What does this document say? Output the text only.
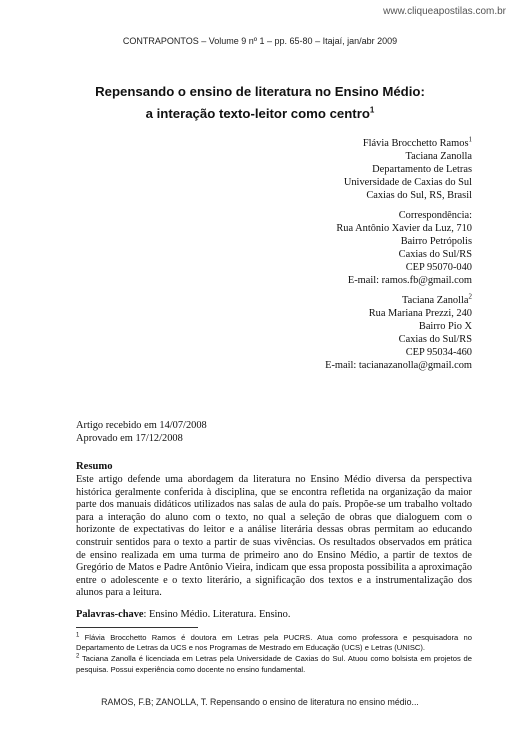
www.cliqueapostilas.com.br
CONTRAPONTOS – Volume 9 nº 1 – pp. 65-80 – Itajaí, jan/abr 2009
Repensando o ensino de literatura no Ensino Médio:
a interação texto-leitor como centro$^1$
Flávia Brocchetto Ramos$^1$
Taciana Zanolla
Departamento de Letras
Universidade de Caxias do Sul
Caxias do Sul, RS, Brasil
Correspondência:
Rua Antônio Xavier da Luz, 710
Bairro Petrópolis
Caxias do Sul/RS
CEP 95070-040
E-mail: ramos.fb@gmail.com
Taciana Zanolla$^2$
Rua Mariana Prezzi, 240
Bairro Pio X
Caxias do Sul/RS
CEP 95034-460
E-mail: tacianazanolla@gmail.com
Artigo recebido em 14/07/2008
Aprovado em 17/12/2008
Resumo
Este artigo defende uma abordagem da literatura no Ensino Médio diversa da perspectiva histórica geralmente conferida à disciplina, que se encontra refletida na organização da maior parte dos manuais didáticos utilizados nas salas de aula do país. Propõe-se um trabalho voltado para a interação do aluno com o texto, no qual a seleção de obras que dialoguem com o horizonte de expectativas do leitor e a análise literária dessas obras permitam ao educando construir sentidos para o texto a partir de suas vivências. Os resultados observados em prática de ensino realizada em uma turma de primeiro ano do Ensino Médio, a partir de textos de Gregório de Matos e Padre Antônio Vieira, indicam que essa proposta possibilita a aproximação entre o adolescente e o texto literário, a significação dos textos e a instrumentalização dos alunos para a leitura.
Palavras-chave: Ensino Médio. Literatura. Ensino.

$^1$ Flávia Brocchetto Ramos é doutora em Letras pela PUCRS. Atua como professora e pesquisadora no Departamento de Letras da UCS e nos Programas de Mestrado em Educação (UCS) e Letras (UNISC).

$^2$ Taciana Zanolla é licenciada em Letras pela Universidade de Caxias do Sul. Atuou como bolsista em projetos de pesquisa. Possui experiência como docente no ensino fundamental.

RAMOS, F.B; ZANOLLA, T. Repensando o ensino de literatura no ensino médio...
